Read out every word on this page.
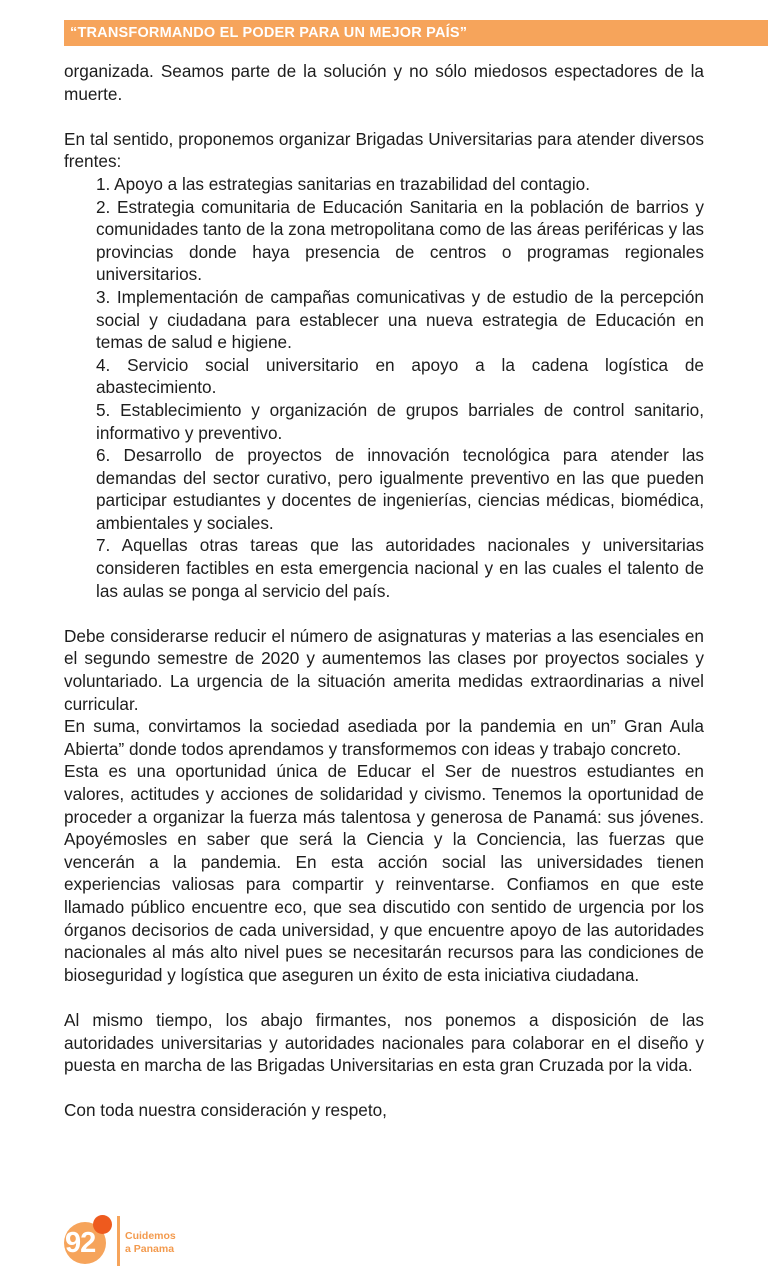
“TRANSFORMANDO EL PODER PARA UN MEJOR PAÍS”

organizada. Seamos parte de la solución y no sólo miedosos espectadores de la muerte.

En tal sentido, proponemos organizar Brigadas Universitarias para atender diversos frentes:

1. Apoyo a las estrategias sanitarias en trazabilidad del contagio.
2. Estrategia comunitaria de Educación Sanitaria en la población de barrios y comunidades tanto de la zona metropolitana como de las áreas periféricas y las provincias donde haya presencia de centros o programas regionales universitarios.
3. Implementación de campañas comunicativas y de estudio de la percepción social y ciudadana para establecer una nueva estrategia de Educación en temas de salud e higiene.
4. Servicio social universitario en apoyo a la cadena logística de abastecimiento.
5. Establecimiento y organización de grupos barriales de control sanitario, informativo y preventivo.
6. Desarrollo de proyectos de innovación tecnológica para atender las demandas del sector curativo, pero igualmente preventivo en las que pueden participar estudiantes y docentes de ingenierías, ciencias médicas, biomédica, ambientales y sociales.
7. Aquellas otras tareas que las autoridades nacionales y universitarias consideren factibles en esta emergencia nacional y en las cuales el talento de las aulas se ponga al servicio del país.

Debe considerarse reducir el número de asignaturas y materias a las esenciales en el segundo semestre de 2020 y aumentemos las clases por proyectos sociales y voluntariado. La urgencia de la situación amerita medidas extraordinarias a nivel curricular.

En suma, convirtamos la sociedad asediada por la pandemia en un” Gran Aula Abierta” donde todos aprendamos y transformemos con ideas y trabajo concreto.

Esta es una oportunidad única de Educar el Ser de nuestros estudiantes en valores, actitudes y acciones de solidaridad y civismo. Tenemos la oportunidad de proceder a organizar la fuerza más talentosa y generosa de Panamá: sus jóvenes. Apoyémosles en saber que será la Ciencia y la Conciencia, las fuerzas que vencerán a la pandemia. En esta acción social las universidades tienen experiencias valiosas para compartir y reinventarse. Confiamos en que este llamado público encuentre eco, que sea discutido con sentido de urgencia por los órganos decisorios de cada universidad, y que encuentre apoyo de las autoridades nacionales al más alto nivel pues se necesitarán recursos para las condiciones de bioseguridad y logística que aseguren un éxito de esta iniciativa ciudadana.

Al mismo tiempo, los abajo firmantes, nos ponemos a disposición de las autoridades universitarias y autoridades nacionales para colaborar en el diseño y puesta en marcha de las Brigadas Universitarias en esta gran Cruzada por la vida.

Con toda nuestra consideración y respeto,

92	Cuidemos
a Panama
